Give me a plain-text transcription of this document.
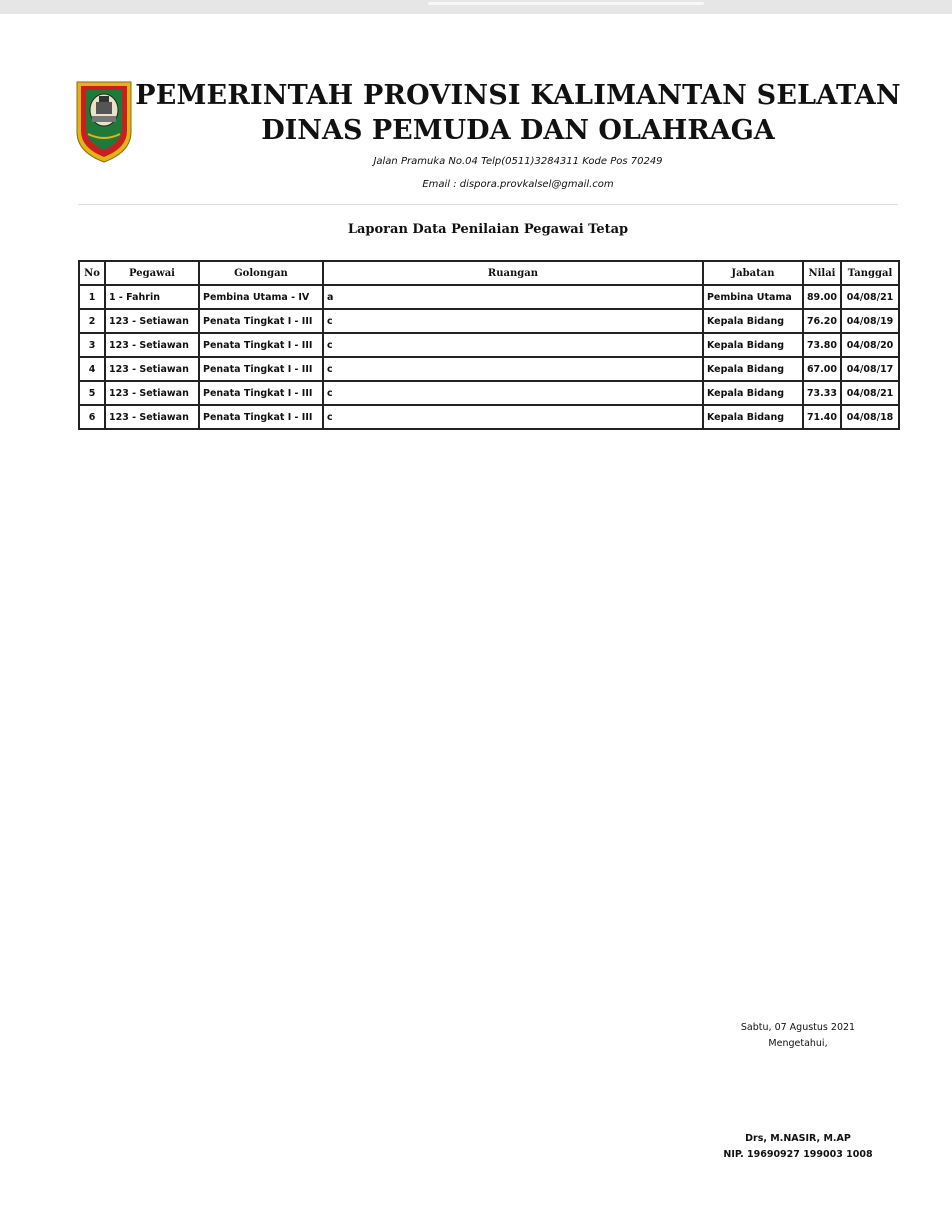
PEMERINTAH PROVINSI KALIMANTAN SELATAN
DINAS PEMUDA DAN OLAHRAGA
Jalan Pramuka No.04 Telp(0511)3284311 Kode Pos 70249
Email : dispora.provkalsel@gmail.com
Laporan Data Penilaian Pegawai Tetap
No	Pegawai	Golongan	Ruangan	Jabatan	Nilai	Tanggal
1	1 - Fahrin	Pembina Utama - IV	a	Pembina Utama	89.00	04/08/21
2	123 - Setiawan	Penata Tingkat I - III	c	Kepala Bidang	76.20	04/08/19
3	123 - Setiawan	Penata Tingkat I - III	c	Kepala Bidang	73.80	04/08/20
4	123 - Setiawan	Penata Tingkat I - III	c	Kepala Bidang	67.00	04/08/17
5	123 - Setiawan	Penata Tingkat I - III	c	Kepala Bidang	73.33	04/08/21
6	123 - Setiawan	Penata Tingkat I - III	c	Kepala Bidang	71.40	04/08/18
Sabtu, 07 Agustus 2021
Mengetahui,
Drs, M.NASIR, M.AP
NIP. 19690927 199003 1008
